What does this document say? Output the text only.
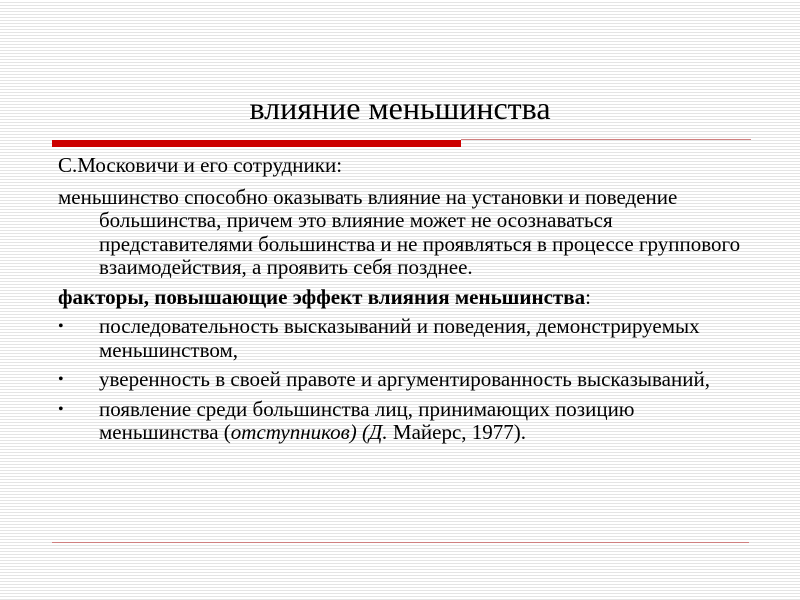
влияние меньшинства

С.Московичи и его сотрудники:

меньшинство способно оказывать влияние на установки и поведение большинства, причем это влияние может не осознаваться представителями большинства и не проявляться в процессе группового взаимодействия, а проявить себя позднее.

факторы, повышающие эффект влияния меньшинства:

•	последовательность высказываний и поведения, демонстрируемых меньшинством,
•	уверенность в своей правоте и аргументированность высказываний,
•	появление среди большинства лиц, принимающих позицию меньшинства (отступников) (Д. Майерс, 1977).
